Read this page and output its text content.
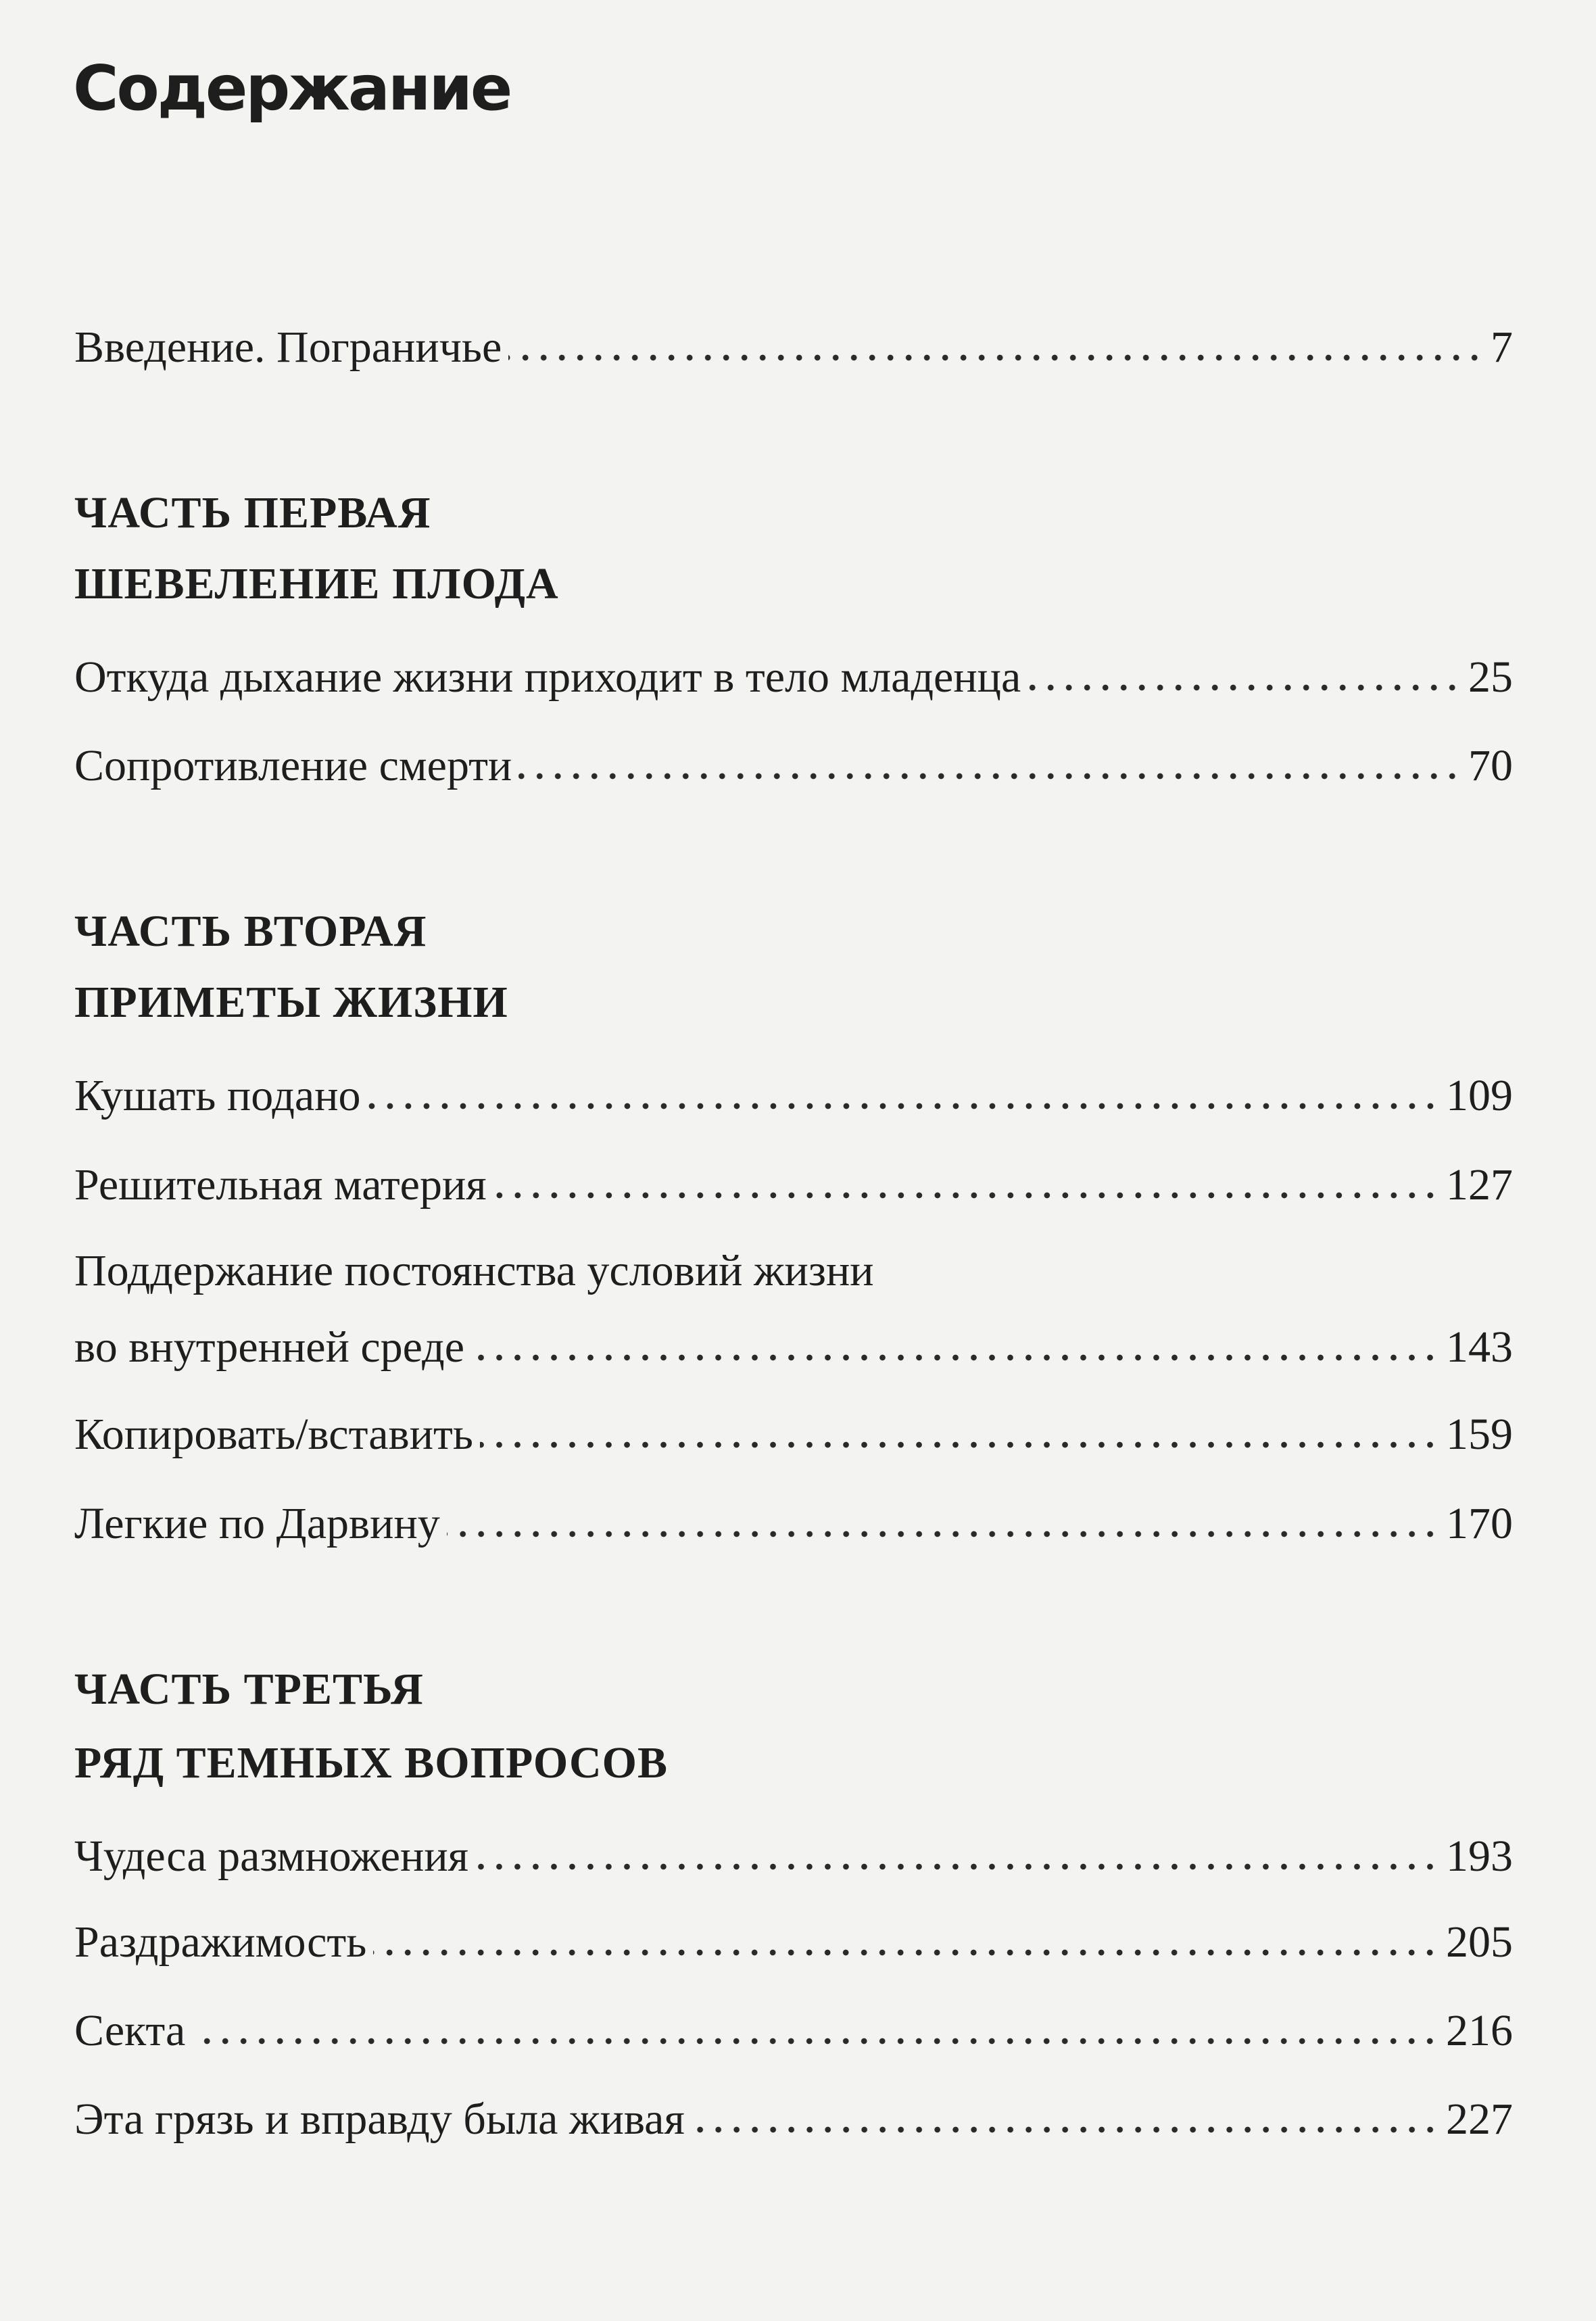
Содержание
Введение. Пограничье	7
ЧАСТЬ ПЕРВАЯ
ШЕВЕЛЕНИЕ ПЛОДА
Откуда дыхание жизни приходит в тело младенца	25
Сопротивление смерти	70
ЧАСТЬ ВТОРАЯ
ПРИМЕТЫ ЖИЗНИ
Кушать подано	109
Решительная материя	127
Поддержание постоянства условий жизни
во внутренней среде	143
Копировать/вставить	159
Легкие по Дарвину	170
ЧАСТЬ ТРЕТЬЯ
РЯД ТЕМНЫХ ВОПРОСОВ
Чудеса размножения	193
Раздражимость	205
Секта	216
Эта грязь и вправду была живая	227
